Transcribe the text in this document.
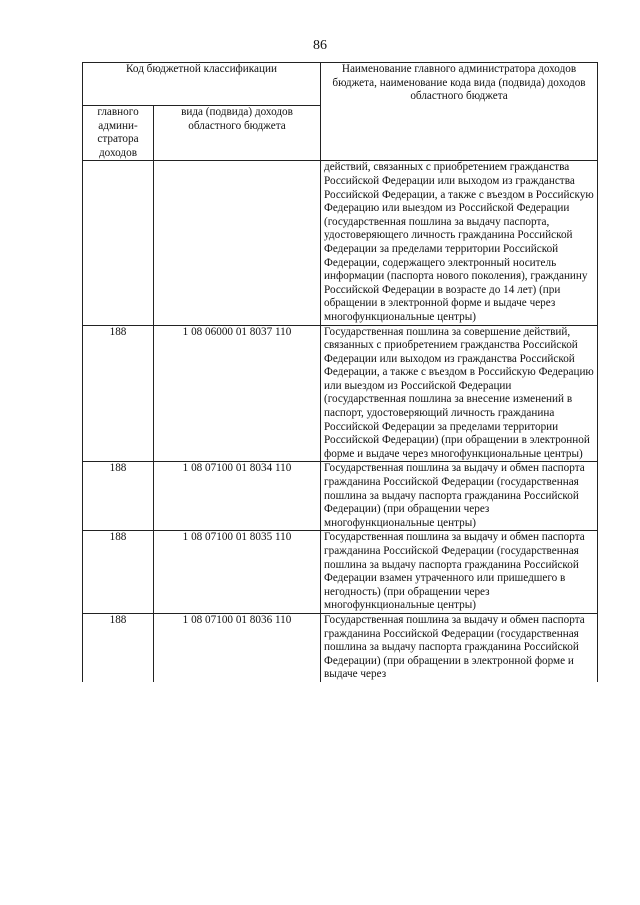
86
Код бюджетной классификации		Наименование главного администратора доходов бюджета, наименование кода вида (подвида) доходов областного бюджета
главного админи-стратора доходов	вида (подвида) доходов областного бюджета	
		действий, связанных с приобретением гражданства Российской Федерации или выходом из гражданства Российской Федерации, а также с въездом в Российскую Федерацию или выездом из Российской Федерации (государственная пошлина за выдачу паспорта, удостоверяющего личность гражданина Российской Федерации за пределами территории Российской Федерации, содержащего электронный носитель информации (паспорта нового поколения), гражданину Российской Федерации в возрасте до 14 лет) (при обращении в электронной форме и выдаче через многофункциональные центры)
188	1 08 06000 01 8037 110	Государственная пошлина за совершение действий, связанных с приобретением гражданства Российской Федерации или выходом из гражданства Российской Федерации, а также с въездом в Российскую Федерацию или выездом из Российской Федерации (государственная пошлина за внесение изменений в паспорт, удостоверяющий личность гражданина Российской Федерации за пределами территории Российской Федерации) (при обращении в электронной форме и выдаче через многофункциональные центры)
188	1 08 07100 01 8034 110	Государственная пошлина за выдачу и обмен паспорта гражданина Российской Федерации (государственная пошлина за выдачу паспорта гражданина Российской Федерации) (при обращении через многофункциональные центры)
188	1 08 07100 01 8035 110	Государственная пошлина за выдачу и обмен паспорта гражданина Российской Федерации (государственная пошлина за выдачу паспорта гражданина Российской Федерации взамен утраченного или пришедшего в негодность) (при обращении через многофункциональные центры)
188	1 08 07100 01 8036 110	Государственная пошлина за выдачу и обмен паспорта гражданина Российской Федерации (государственная пошлина за выдачу паспорта гражданина Российской Федерации) (при обращении в электронной форме и выдаче через
